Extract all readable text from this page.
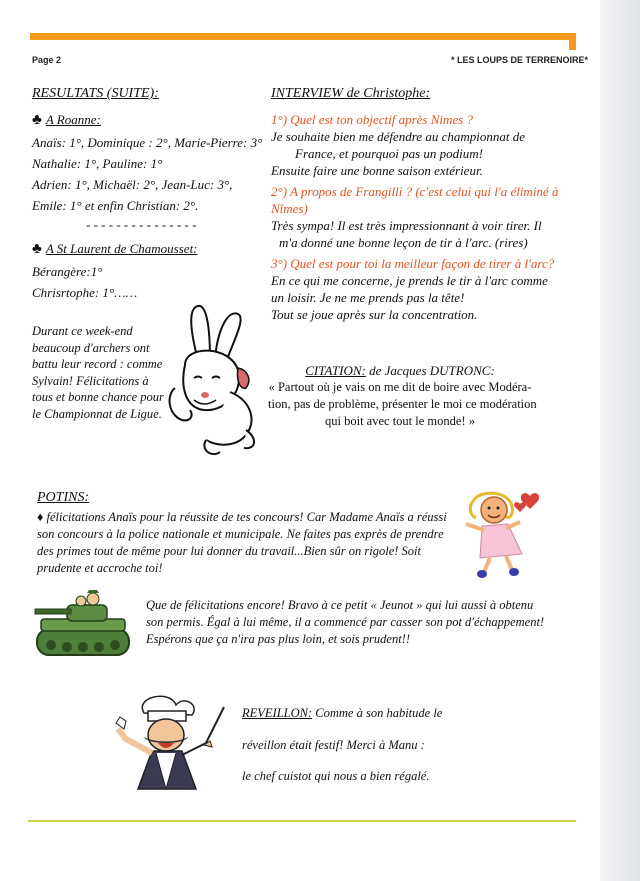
Page 2	* LES LOUPS DE TERRENOIRE*
RESULTATS (SUITE):
♣ A Roanne:
Anaïs: 1°, Dominique : 2°, Marie-Pierre: 3°
Nathalie: 1°, Pauline: 1°
Adrien: 1°, Michaël: 2°, Jean-Luc: 3°,
Emile: 1° et enfin Christian: 2°.
- - - - - - - - - - - - - - -
♣ A St Laurent de Chamousset:
Bérangère:1°
Chrisrtophe: 1°……
Durant ce week-end
beaucoup d'archers ont
battu leur record : comme
Sylvain! Félicitations à
tous et bonne chance pour
le Championnat de Ligue.
INTERVIEW de Christophe:
1°) Quel est ton objectif après Nimes ?
Je souhaite bien me défendre au championnat de
France, et pourquoi pas un podium!
Ensuite faire une bonne saison extérieur.
2°) A propos de Frangilli ? (c'est celui qui l'a éliminé à
Nîmes)
Très sympa! Il est très impressionnant à voir tirer. Il
m'a donné une bonne leçon de tir à l'arc. (rires)
3°) Quel est pour toi la meilleur façon de tirer à l'arc?
En ce qui me concerne, je prends le tir à l'arc comme
un loisir. Je ne me prends pas la tête!
Tout se joue après sur la concentration.
CITATION: de Jacques DUTRONC:
« Partout où je vais on me dit de boire avec Modéra-
tion, pas de problème, présenter le moi ce modération
qui boit avec tout le monde! »
POTINS:
♦ félicitations Anaïs pour la réussite de tes concours! Car Madame Anaïs a réussi
son concours à la police nationale et municipale. Ne faites pas exprès de prendre
des primes tout de même pour lui donner du travail...Bien sûr on rigole! Soit
prudente et accroche toi!
Que de félicitations encore! Bravo à ce petit « Jeunot » qui lui aussi à obtenu
son permis. Égal à lui même, il a commencé par casser son pot d'échappement!
Espérons que ça n'ira pas plus loin, et sois prudent!!
REVEILLON: Comme à son habitude le
réveillon était festif! Merci à Manu :
le chef cuistot qui nous a bien régalé.
